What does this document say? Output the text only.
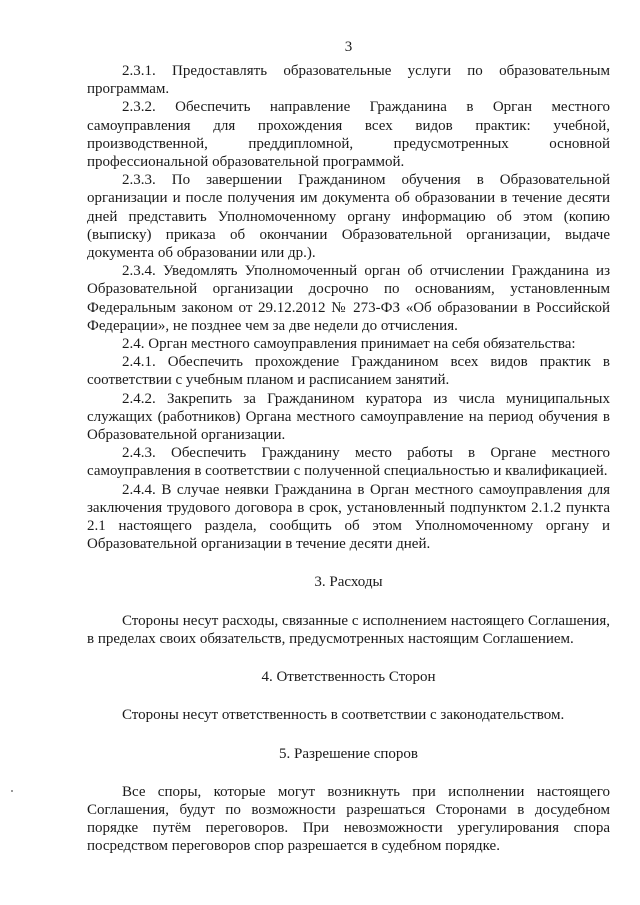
3

2.3.1. Предоставлять образовательные услуги по образовательным программам.

2.3.2. Обеспечить направление Гражданина в Орган местного самоуправления для прохождения всех видов практик: учебной, производственной, преддипломной, предусмотренных основной профессиональной образовательной программой.

2.3.3. По завершении Гражданином обучения в Образовательной организации и после получения им документа об образовании в течение десяти дней представить Уполномоченному органу информацию об этом (копию (выписку) приказа об окончании Образовательной организации, выдаче документа об образовании или др.).

2.3.4. Уведомлять Уполномоченный орган об отчислении Гражданина из Образовательной организации досрочно по основаниям, установленным Федеральным законом от 29.12.2012 № 273-ФЗ «Об образовании в Российской Федерации», не позднее чем за две недели до отчисления.

2.4. Орган местного самоуправления принимает на себя обязательства:

2.4.1. Обеспечить прохождение Гражданином всех видов практик в соответствии с учебным планом и расписанием занятий.

2.4.2. Закрепить за Гражданином куратора из числа муниципальных служащих (работников) Органа местного самоуправление на период обучения в Образовательной организации.

2.4.3. Обеспечить Гражданину место работы в Органе местного самоуправления в соответствии с полученной специальностью и квалификацией.

2.4.4. В случае неявки Гражданина в Орган местного самоуправления для заключения трудового договора в срок, установленный подпунктом 2.1.2 пункта 2.1 настоящего раздела, сообщить об этом Уполномоченному органу и Образовательной организации в течение десяти дней.

3. Расходы

Стороны несут расходы, связанные с исполнением настоящего Соглашения, в пределах своих обязательств, предусмотренных настоящим Соглашением.

4. Ответственность Сторон

Стороны несут ответственность в соответствии с законодательством.

5. Разрешение споров

Все споры, которые могут возникнуть при исполнении настоящего Соглашения, будут по возможности разрешаться Сторонами в досудебном порядке путём переговоров. При невозможности урегулирования спора посредством переговоров спор разрешается в судебном порядке.
